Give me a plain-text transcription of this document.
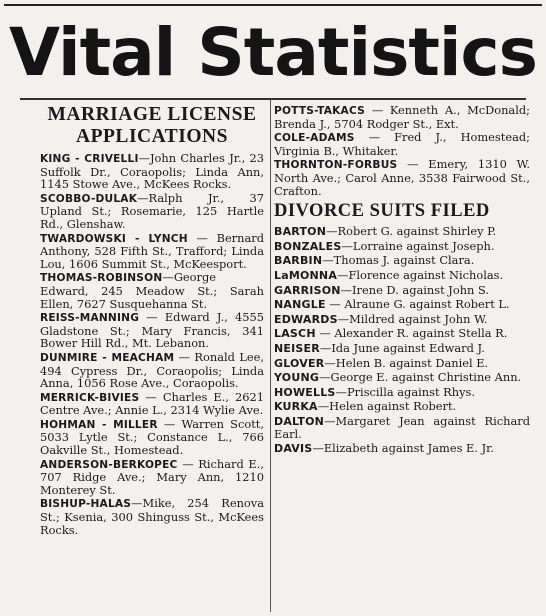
Vital Statistics
MARRIAGE LICENSE
APPLICATIONS
KING - CRIVELLI—John Charles Jr., 23 Suffolk Dr., Coraopolis; Linda Ann, 1145 Stowe Ave., McKees Rocks.
SCOBBO-DULAK—Ralph Jr., 37 Upland St.; Rosemarie, 125 Hartle Rd., Glenshaw.
TWARDOWSKI - LYNCH — Bernard Anthony, 528 Fifth St., Trafford; Linda Lou, 1606 Summit St., McKeesport.
THOMAS-ROBINSON—George Edward, 245 Meadow St.; Sarah Ellen, 7627 Susquehanna St.
REISS-MANNING — Edward J., 4555 Gladstone St.; Mary Francis, 341 Bower Hill Rd., Mt. Lebanon.
DUNMIRE - MEACHAM — Ronald Lee, 494 Cypress Dr., Coraopolis; Linda Anna, 1056 Rose Ave., Coraopolis.
MERRICK-BIVIES — Charles E., 2621 Centre Ave.; Annie L., 2314 Wylie Ave.
HOHMAN - MILLER — Warren Scott, 5033 Lytle St.; Constance L., 766 Oakville St., Homestead.
ANDERSON-BERKOPEC — Richard E., 707 Ridge Ave.; Mary Ann, 1210 Monterey St.
BISHUP-HALAS—Mike, 254 Renova St.; Ksenia, 300 Shinguss St., McKees Rocks.
POTTS-TAKACS — Kenneth A., McDonald; Brenda J., 5704 Rodger St., Ext.
COLE-ADAMS — Fred J., Homestead; Virginia B., Whitaker.
THORNTON-FORBUS — Emery, 1310 W. North Ave.; Carol Anne, 3538 Fairwood St., Crafton.
DIVORCE SUITS FILED
BARTON—Robert G. against Shirley P.
BONZALES—Lorraine against Joseph.
BARBIN—Thomas J. against Clara.
LaMONNA—Florence against Nicholas.
GARRISON—Irene D. against John S.
NANGLE — Alraune G. against Robert L.
EDWARDS—Mildred against John W.
LASCH — Alexander R. against Stella R.
NEISER—Ida June against Edward J.
GLOVER—Helen B. against Daniel E.
YOUNG—George E. against Christine Ann.
HOWELLS—Priscilla against Rhys.
KURKA—Helen against Robert.
DALTON—Margaret Jean against Richard Earl.
DAVIS—Elizabeth against James E. Jr.
